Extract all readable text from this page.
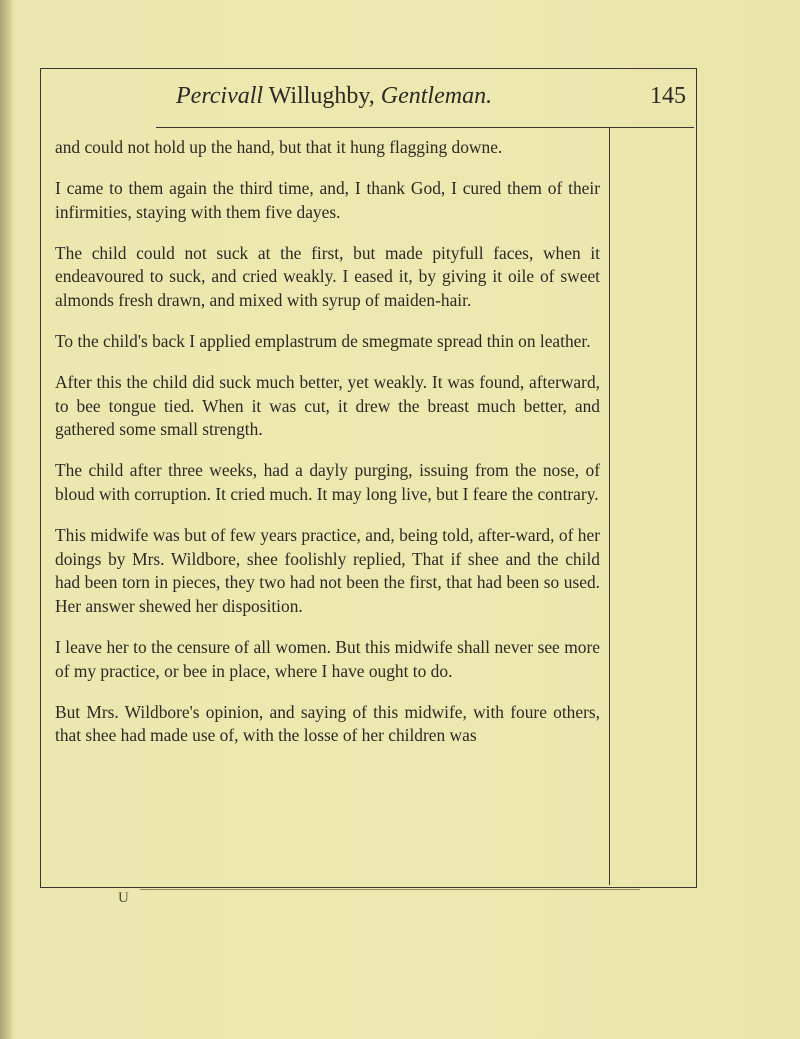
Percivall Willughby, Gentleman.	145

and could not hold up the hand, but that it hung flagging downe.

I came to them again the third time, and, I thank God, I cured them of their infirmities, staying with them five dayes.

The child could not suck at the first, but made pityfull faces, when it endeavoured to suck, and cried weakly. I eased it, by giving it oile of sweet almonds fresh drawn, and mixed with syrup of maiden-hair.

To the child's back I applied emplastrum de smegmate spread thin on leather.

After this the child did suck much better, yet weakly. It was found, afterward, to bee tongue tied. When it was cut, it drew the breast much better, and gathered some small strength.

The child after three weeks, had a dayly purging, issuing from the nose, of bloud with corruption. It cried much. It may long live, but I feare the contrary.

This midwife was but of few years practice, and, being told, after-ward, of her doings by Mrs. Wildbore, shee foolishly replied, That if shee and the child had been torn in pieces, they two had not been the first, that had been so used. Her answer shewed her disposition.

I leave her to the censure of all women. But this midwife shall never see more of my practice, or bee in place, where I have ought to do.

But Mrs. Wildbore's opinion, and saying of this midwife, with foure others, that shee had made use of, with the losse of her children was

U
